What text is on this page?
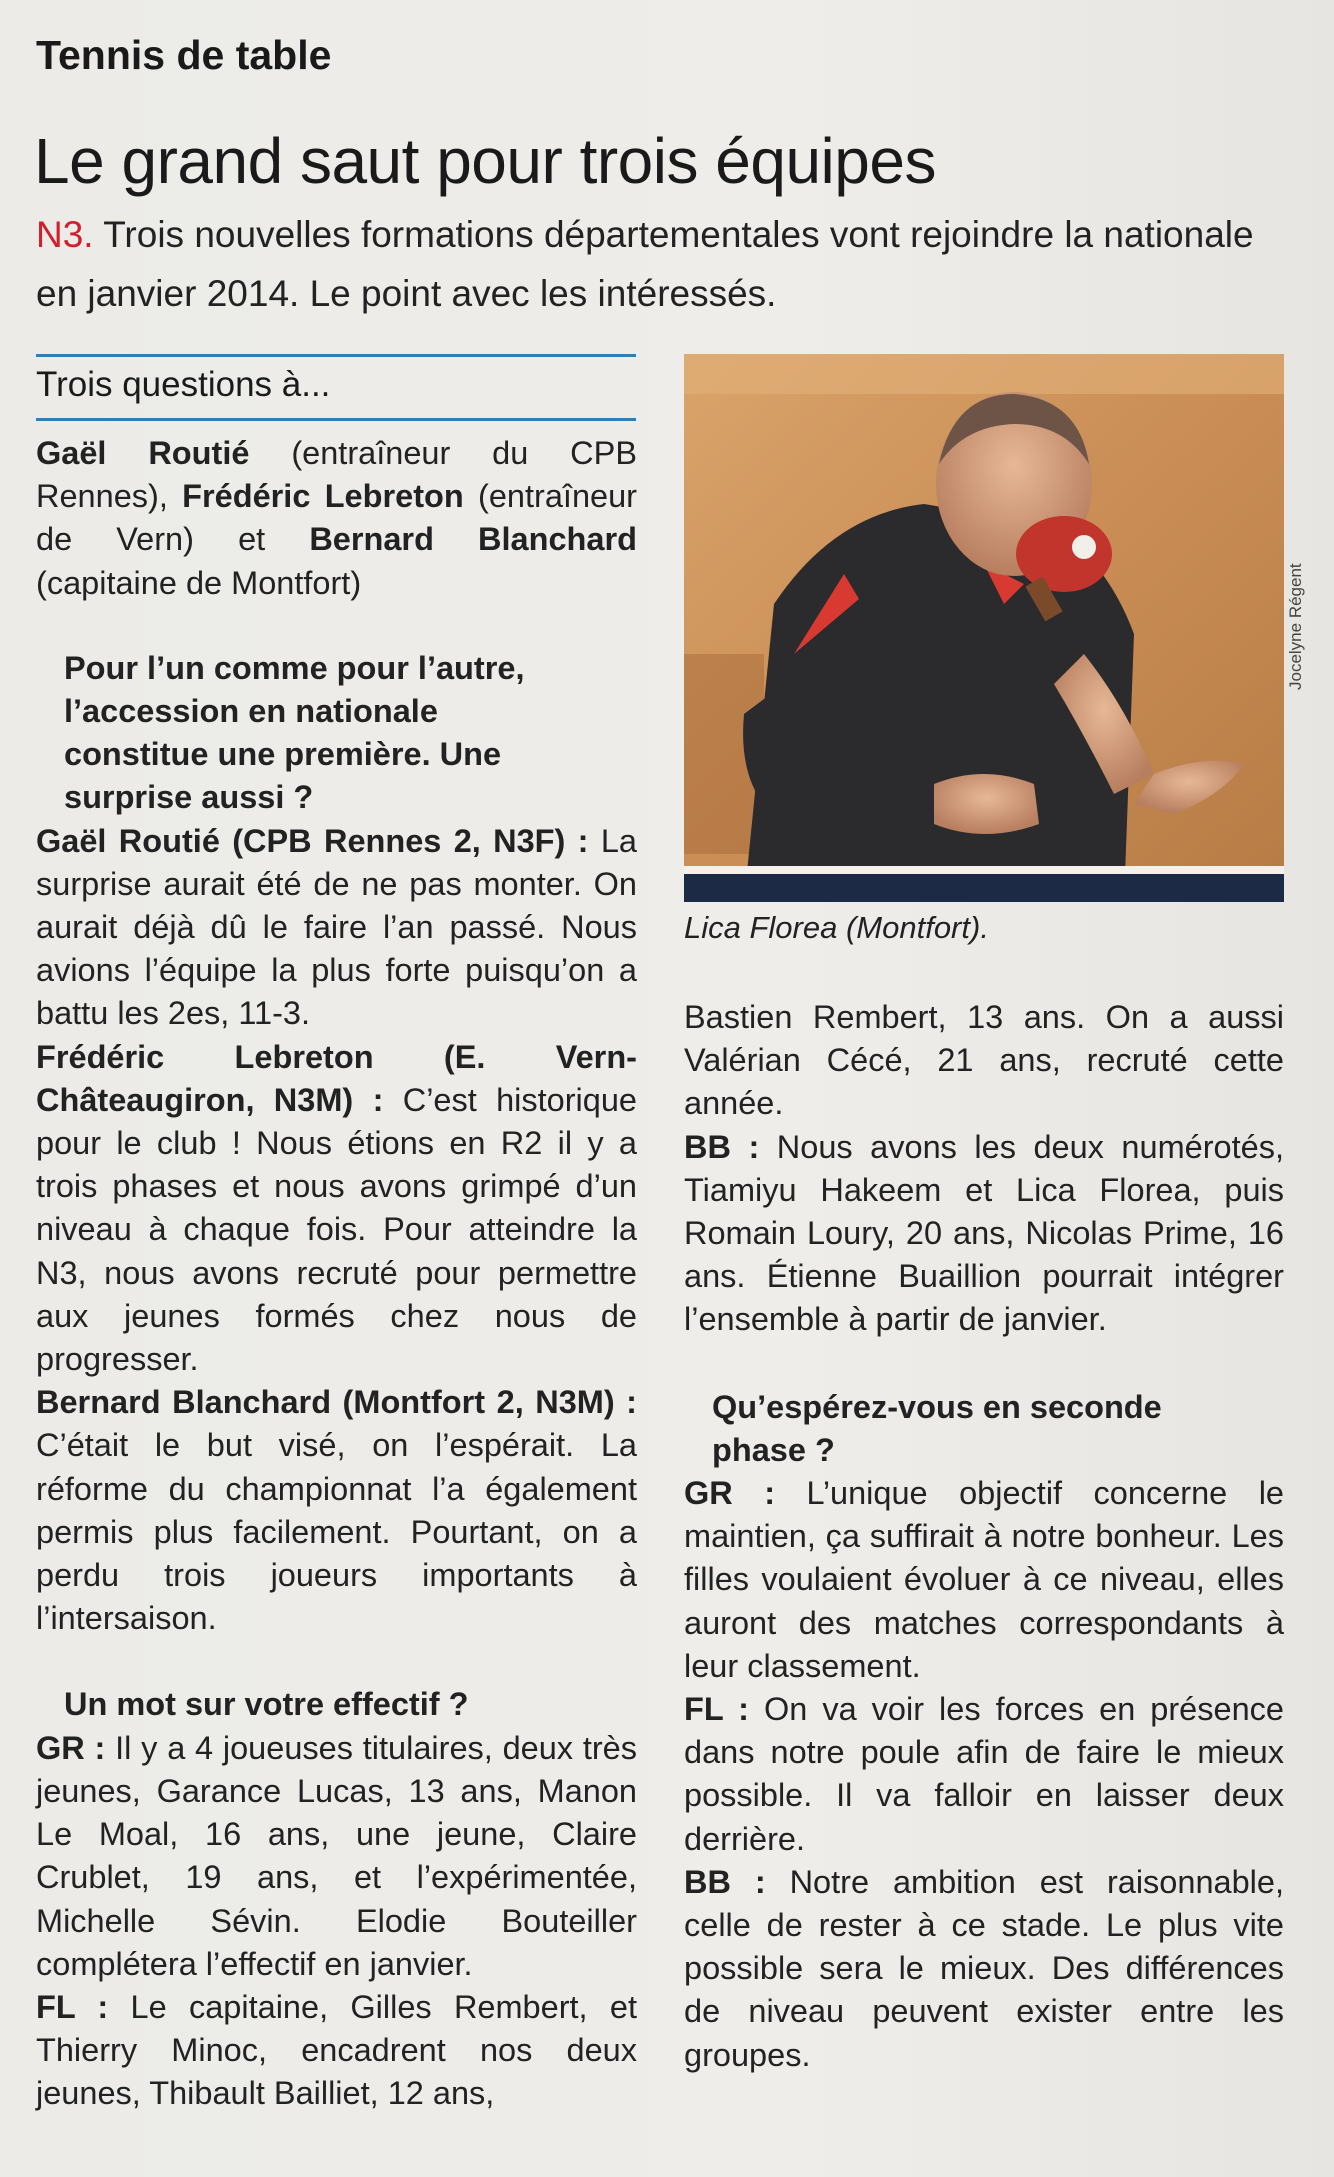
Tennis de table
Le grand saut pour trois équipes
N3. Trois nouvelles formations départementales vont rejoindre la nationale en janvier 2014. Le point avec les intéressés.
Trois questions à...

Gaël Routié (entraîneur du CPB Rennes), Frédéric Lebreton (entraîneur de Vern) et Bernard Blanchard (capitaine de Montfort)

Pour l’un comme pour l’autre, l’accession en nationale constitue une première. Une surprise aussi ?

Gaël Routié (CPB Rennes 2, N3F) : La surprise aurait été de ne pas monter. On aurait déjà dû le faire l’an passé. Nous avions l’équipe la plus forte puisqu’on a battu les 2es, 11-3.

Frédéric Lebreton (E. Vern-Châteaugiron, N3M) : C’est historique pour le club ! Nous étions en R2 il y a trois phases et nous avons grimpé d’un niveau à chaque fois. Pour atteindre la N3, nous avons recruté pour permettre aux jeunes formés chez nous de progresser.

Bernard Blanchard (Montfort 2, N3M) : C’était le but visé, on l’espérait. La réforme du championnat l’a également permis plus facilement. Pourtant, on a perdu trois joueurs importants à l’intersaison.

Un mot sur votre effectif ?

GR : Il y a 4 joueuses titulaires, deux très jeunes, Garance Lucas, 13 ans, Manon Le Moal, 16 ans, une jeune, Claire Crublet, 19 ans, et l’expérimentée, Michelle Sévin. Elodie Bouteiller complétera l’effectif en janvier.

FL : Le capitaine, Gilles Rembert, et Thierry Minoc, encadrent nos deux jeunes, Thibault Bailliet, 12 ans,

Jocelyne Régent
Lica Florea (Montfort).

Bastien Rembert, 13 ans. On a aussi Valérian Cécé, 21 ans, recruté cette année.

BB : Nous avons les deux numérotés, Tiamiyu Hakeem et Lica Florea, puis Romain Loury, 20 ans, Nicolas Prime, 16 ans. Étienne Buaillion pourrait intégrer l’ensemble à partir de janvier.

Qu’espérez-vous en seconde phase ?

GR : L’unique objectif concerne le maintien, ça suffirait à notre bonheur. Les filles voulaient évoluer à ce niveau, elles auront des matches correspondants à leur classement.

FL : On va voir les forces en présence dans notre poule afin de faire le mieux possible. Il va falloir en laisser deux derrière.

BB : Notre ambition est raisonnable, celle de rester à ce stade. Le plus vite possible sera le mieux. Des différences de niveau peuvent exister entre les groupes.
